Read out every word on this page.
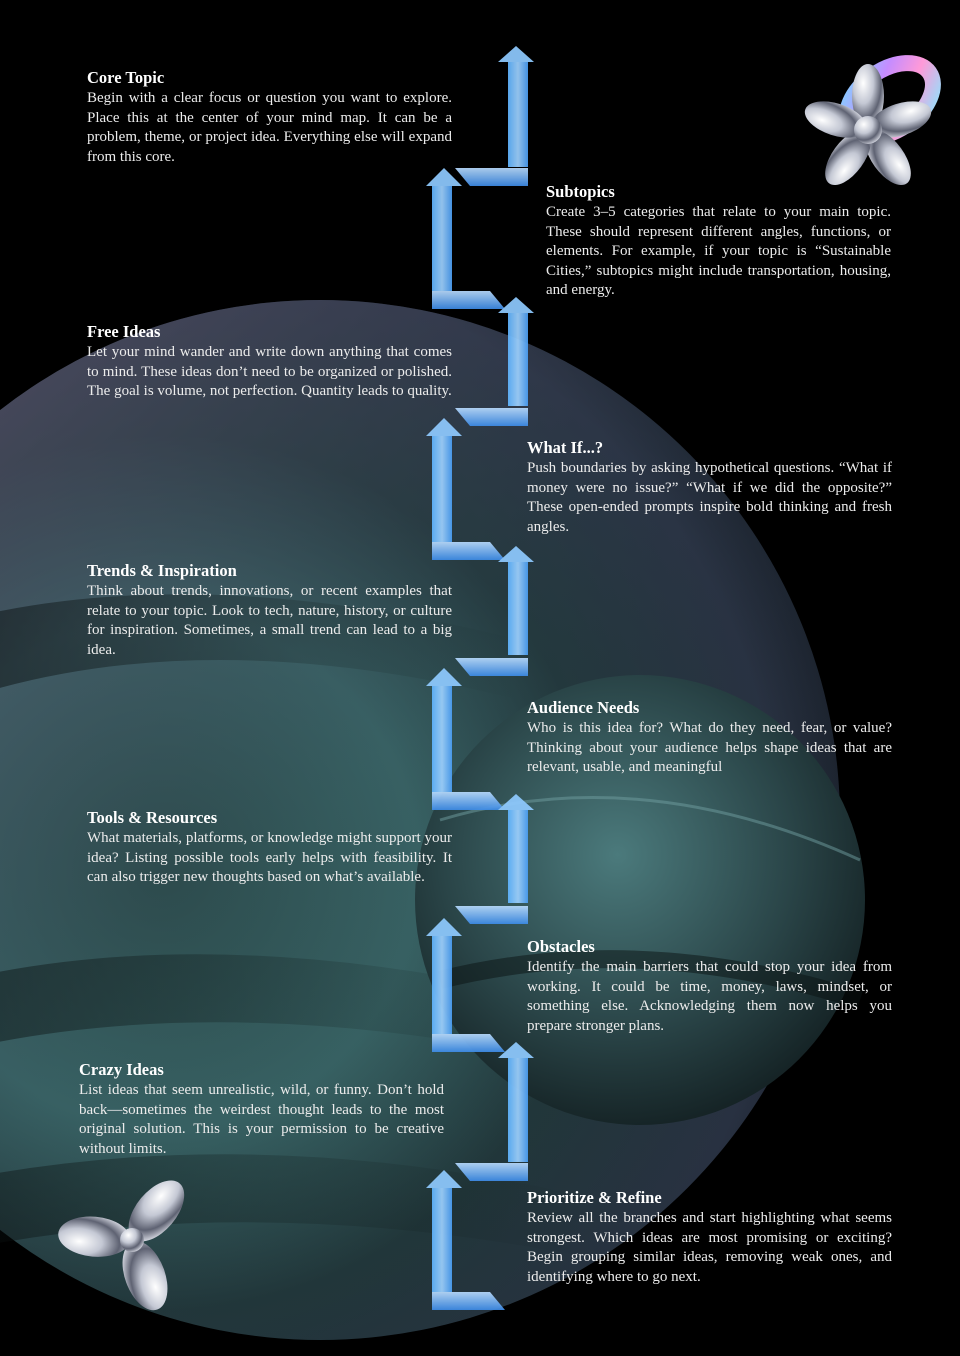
Core Topic

Begin with a clear focus or question you want to explore. Place this at the center of your mind map. It can be a problem, theme, or project idea. Everything else will expand from this core.

Subtopics

Create 3–5 categories that relate to your main topic. These should represent different angles, functions, or elements. For example, if your topic is “Sustainable Cities,” subtopics might include transportation, housing, and energy.

Free Ideas

Let your mind wander and write down anything that comes to mind. These ideas don’t need to be organized or polished. The goal is volume, not perfection. Quantity leads to quality.

What If...?

Push boundaries by asking hypothetical questions. “What if money were no issue?” “What if we did the opposite?” These open-ended prompts inspire bold thinking and fresh angles.

Trends & Inspiration

Think about trends, innovations, or recent examples that relate to your topic. Look to tech, nature, history, or culture for inspiration. Sometimes, a small trend can lead to a big idea.

Audience Needs

Who is this idea for? What do they need, fear, or value? Thinking about your audience helps shape ideas that are relevant, usable, and meaningful

Tools & Resources

What materials, platforms, or knowledge might support your idea? Listing possible tools early helps with feasibility. It can also trigger new thoughts based on what’s available.

Obstacles

Identify the main barriers that could stop your idea from working. It could be time, money, laws, mindset, or something else. Acknowledging them now helps you prepare stronger plans.

Crazy Ideas

List ideas that seem unrealistic, wild, or funny. Don’t hold back—sometimes the weirdest thought leads to the most original solution. This is your permission to be creative without limits.

Prioritize & Refine

Review all the branches and start highlighting what seems strongest. Which ideas are most promising or exciting? Begin grouping similar ideas, removing weak ones, and identifying where to go next.
